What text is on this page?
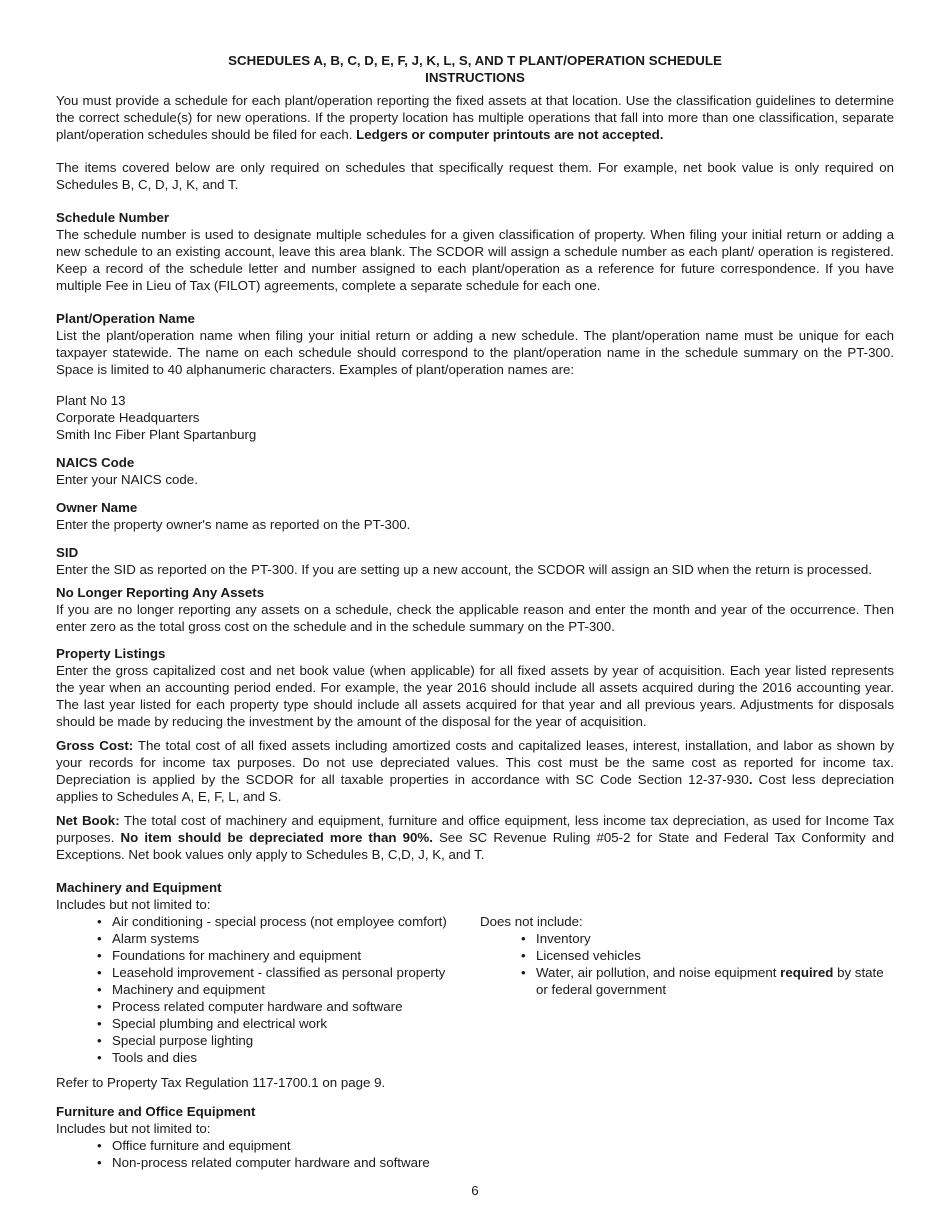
SCHEDULES A, B, C, D, E, F, J, K, L, S, AND T PLANT/OPERATION SCHEDULE

INSTRUCTIONS

You must provide a schedule for each plant/operation reporting the fixed assets at that location. Use the classification guidelines to determine the correct schedule(s) for new operations. If the property location has multiple operations that fall into more than one classification, separate plant/operation schedules should be filed for each. Ledgers or computer printouts are not accepted.

The items covered below are only required on schedules that specifically request them. For example, net book value is only required on Schedules B, C, D, J, K, and T.

Schedule Number

The schedule number is used to designate multiple schedules for a given classification of property. When filing your initial return or adding a new schedule to an existing account, leave this area blank. The SCDOR will assign a schedule number as each plant/ operation is registered. Keep a record of the schedule letter and number assigned to each plant/operation as a reference for future correspondence. If you have multiple Fee in Lieu of Tax (FILOT) agreements, complete a separate schedule for each one.

Plant/Operation Name

List the plant/operation name when filing your initial return or adding a new schedule. The plant/operation name must be unique for each taxpayer statewide. The name on each schedule should correspond to the plant/operation name in the schedule summary on the PT-300. Space is limited to 40 alphanumeric characters. Examples of plant/operation names are:

Plant No 13
Corporate Headquarters
Smith Inc Fiber Plant Spartanburg
NAICS Code

Enter your NAICS code.

Owner Name

Enter the property owner's name as reported on the PT-300.

SID

Enter the SID as reported on the PT-300. If you are setting up a new account, the SCDOR will assign an SID when the return is processed.

No Longer Reporting Any Assets

If you are no longer reporting any assets on a schedule, check the applicable reason and enter the month and year of the occurrence. Then enter zero as the total gross cost on the schedule and in the schedule summary on the PT-300.

Property Listings

Enter the gross capitalized cost and net book value (when applicable) for all fixed assets by year of acquisition. Each year listed represents the year when an accounting period ended. For example, the year 2016 should include all assets acquired during the 2016 accounting year. The last year listed for each property type should include all assets acquired for that year and all previous years. Adjustments for disposals should be made by reducing the investment by the amount of the disposal for the year of acquisition.

Gross Cost: The total cost of all fixed assets including amortized costs and capitalized leases, interest, installation, and labor as shown by your records for income tax purposes. Do not use depreciated values. This cost must be the same cost as reported for income tax. Depreciation is applied by the SCDOR for all taxable properties in accordance with SC Code Section 12-37-930. Cost less depreciation applies to Schedules A, E, F, L, and S.

Net Book: The total cost of machinery and equipment, furniture and office equipment, less income tax depreciation, as used for Income Tax purposes. No item should be depreciated more than 90%. See SC Revenue Ruling #05-2 for State and Federal Tax Conformity and Exceptions. Net book values only apply to Schedules B, C,D, J, K, and T.

Machinery and Equipment
Includes but not limited to:
• Air conditioning - special process (not employee comfort)
• Alarm systems
• Foundations for machinery and equipment
• Leasehold improvement - classified as personal property
• Machinery and equipment
• Process related computer hardware and software
• Special plumbing and electrical work
• Special purpose lighting
• Tools and dies

Does not include:

• Inventory
• Licensed vehicles
• Water, air pollution, and noise equipment required by state or federal government

Refer to Property Tax Regulation 117-1700.1 on page 9.

Furniture and Office Equipment
Includes but not limited to:
• Office furniture and equipment
• Non-process related computer hardware and software
6
